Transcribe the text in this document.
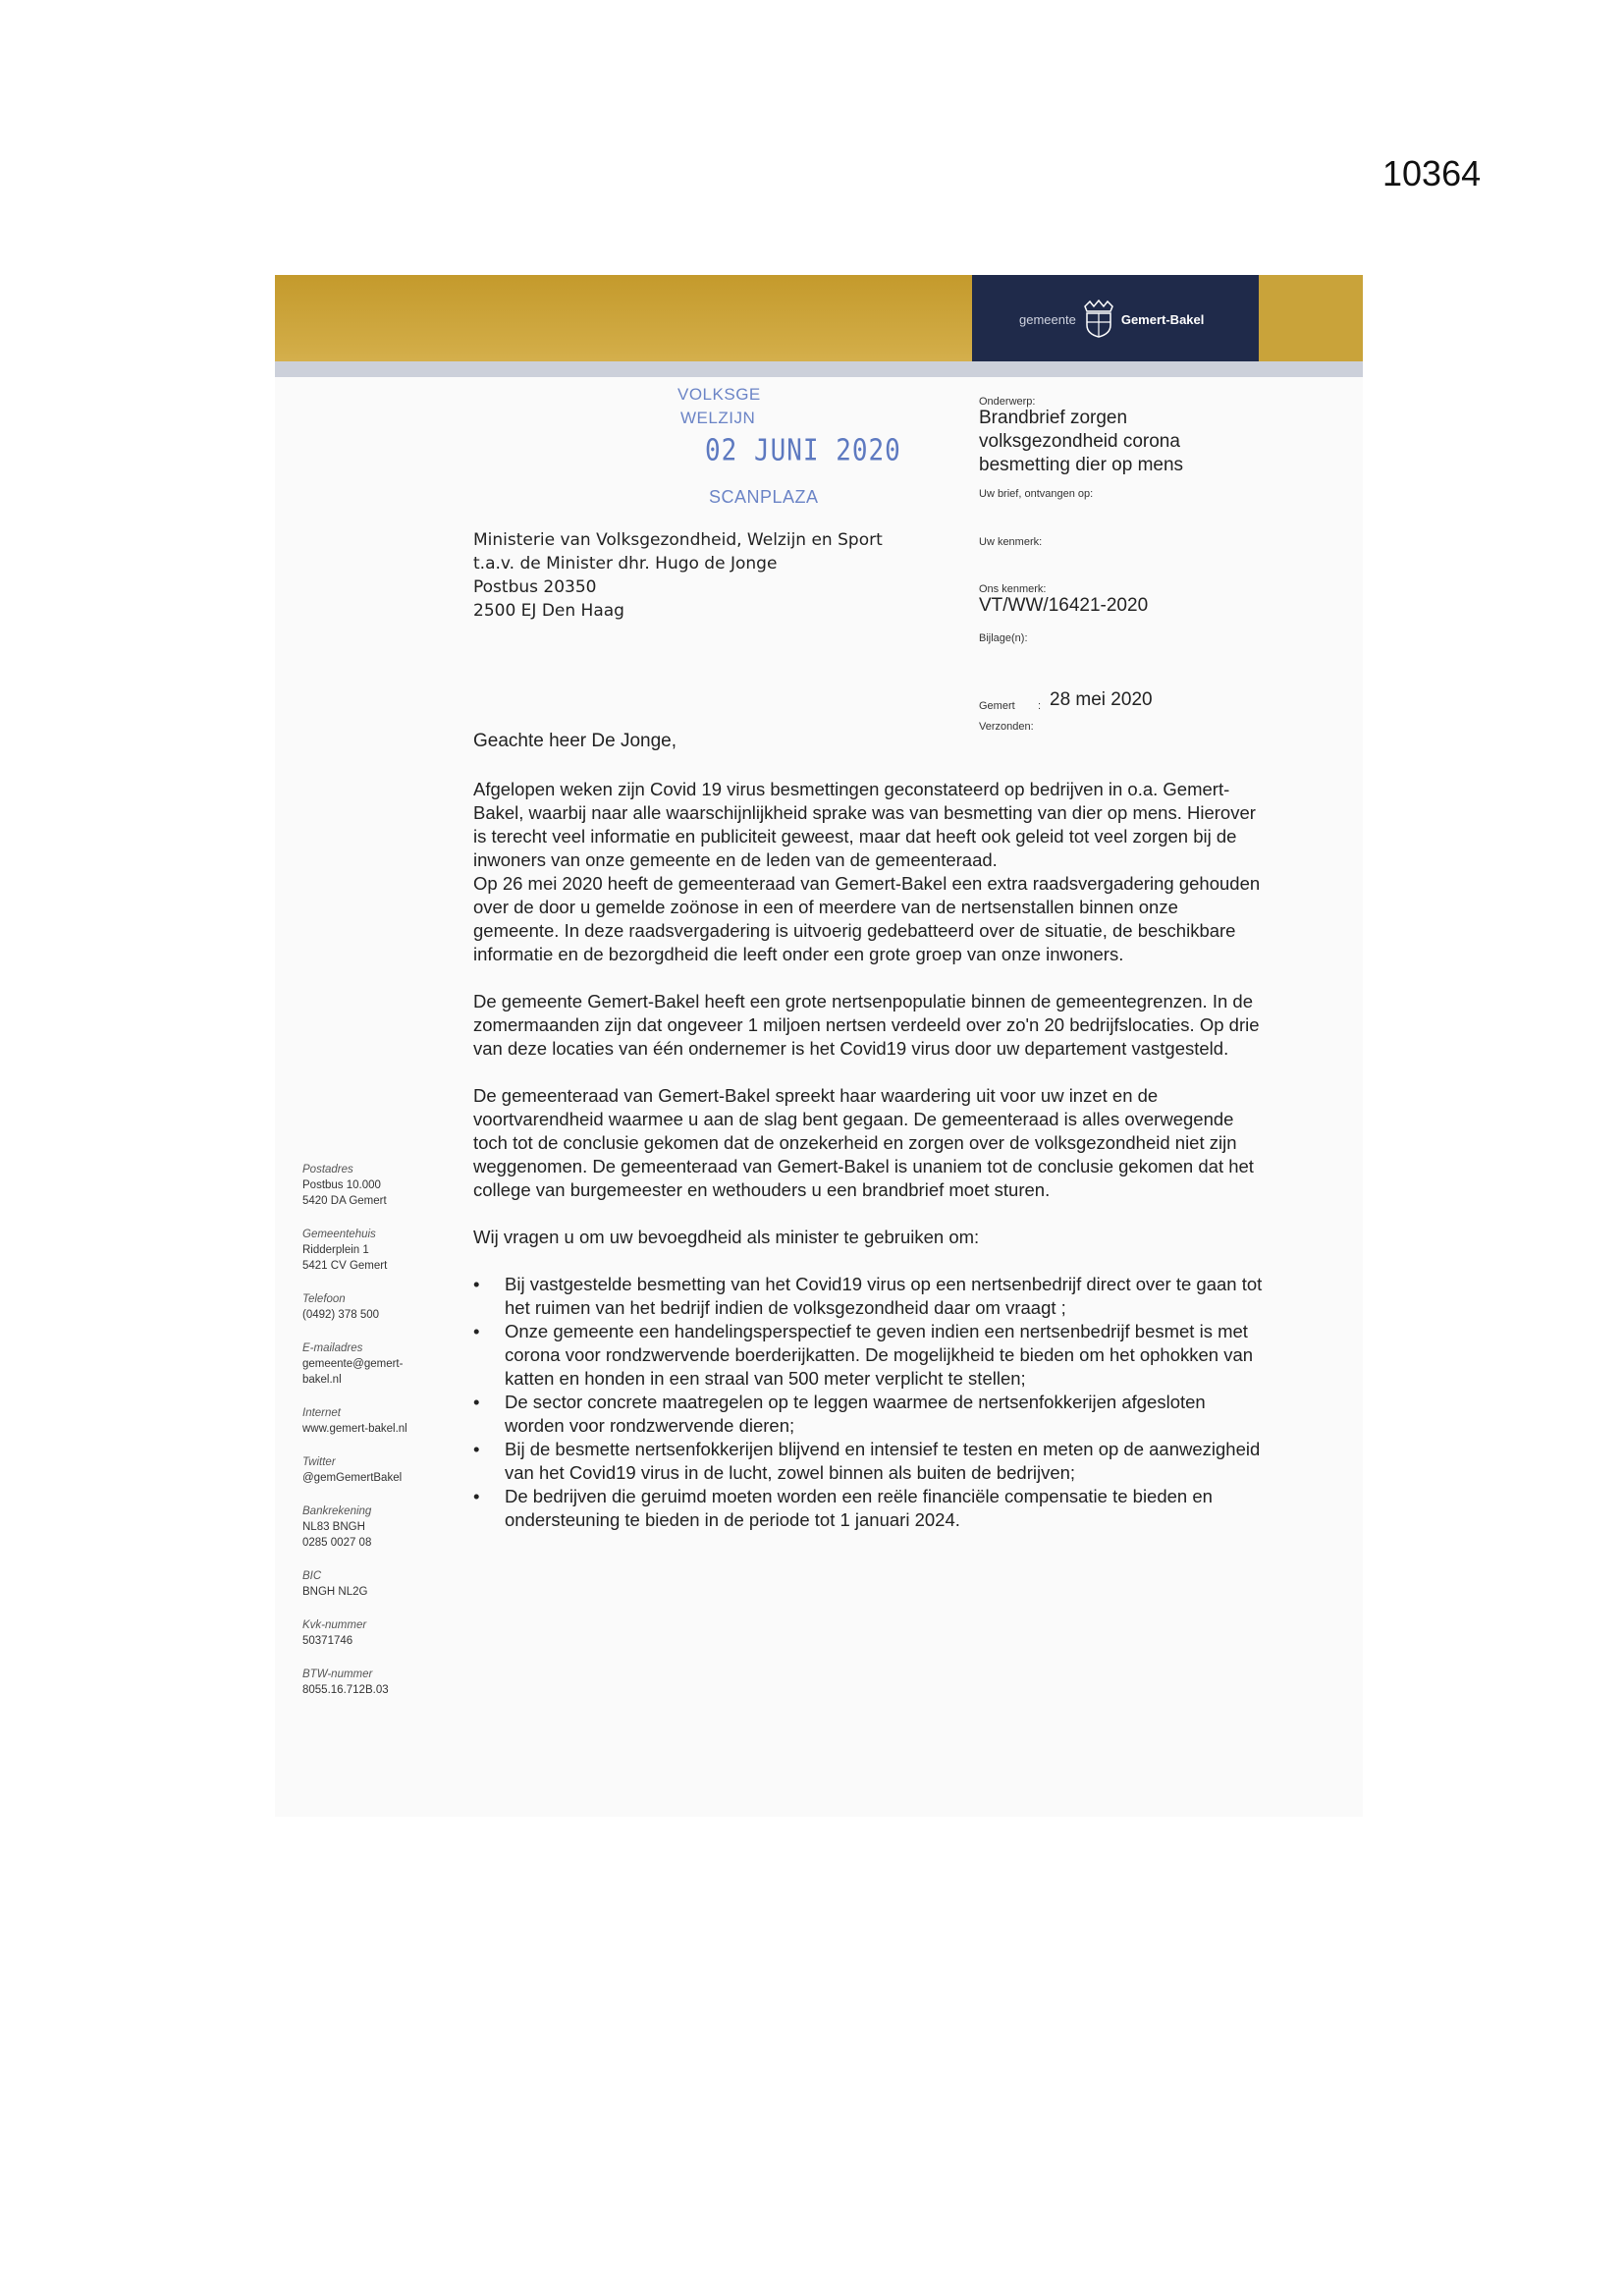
10364
gemeente	Gemert-Bakel
VOLKSGE
WELZIJN
02 JUNI 2020
SCANPLAZA
Onderwerp:
Brandbrief zorgen
volksgezondheid corona
besmetting dier op mens
Uw brief, ontvangen op:
Uw kenmerk:
Ons kenmerk:
VT/WW/16421-2020
Bijlage(n):
Gemert : 28 mei 2020
Verzonden:
Ministerie van Volksgezondheid, Welzijn en Sport
t.a.v. de Minister dhr. Hugo de Jonge
Postbus 20350
2500 EJ Den Haag
Geachte heer De Jonge,

Afgelopen weken zijn Covid 19 virus besmettingen geconstateerd op bedrijven in o.a. Gemert-Bakel, waarbij naar alle waarschijnlijkheid sprake was van besmetting van dier op mens. Hierover is terecht veel informatie en publiciteit geweest, maar dat heeft ook geleid tot veel zorgen bij de inwoners van onze gemeente en de leden van de gemeenteraad.

Op 26 mei 2020 heeft de gemeenteraad van Gemert-Bakel een extra raadsvergadering gehouden over de door u gemelde zoönose in een of meerdere van de nertsenstallen binnen onze gemeente. In deze raadsvergadering is uitvoerig gedebatteerd over de situatie, de beschikbare informatie en de bezorgdheid die leeft onder een grote groep van onze inwoners.

De gemeente Gemert-Bakel heeft een grote nertsenpopulatie binnen de gemeentegrenzen. In de zomermaanden zijn dat ongeveer 1 miljoen nertsen verdeeld over zo'n 20 bedrijfslocaties. Op drie van deze locaties van één ondernemer is het Covid19 virus door uw departement vastgesteld.

De gemeenteraad van Gemert-Bakel spreekt haar waardering uit voor uw inzet en de voortvarendheid waarmee u aan de slag bent gegaan. De gemeenteraad is alles overwegende toch tot de conclusie gekomen dat de onzekerheid en zorgen over de volksgezondheid niet zijn weggenomen. De gemeenteraad van Gemert-Bakel is unaniem tot de conclusie gekomen dat het college van burgemeester en wethouders u een brandbrief moet sturen.

Wij vragen u om uw bevoegdheid als minister te gebruiken om:

• Bij vastgestelde besmetting van het Covid19 virus op een nertsenbedrijf direct over te gaan tot het ruimen van het bedrijf indien de volksgezondheid daar om vraagt ;
• Onze gemeente een handelingsperspectief te geven indien een nertsenbedrijf besmet is met corona voor rondzwervende boerderijkatten. De mogelijkheid te bieden om het ophokken van katten en honden in een straal van 500 meter verplicht te stellen;
• De sector concrete maatregelen op te leggen waarmee de nertsenfokkerijen afgesloten worden voor rondzwervende dieren;
• Bij de besmette nertsenfokkerijen blijvend en intensief te testen en meten op de aanwezigheid van het Covid19 virus in de lucht, zowel binnen als buiten de bedrijven;
• De bedrijven die geruimd moeten worden een reële financiële compensatie te bieden en ondersteuning te bieden in de periode tot 1 januari 2024.
Postadres
Postbus 10.000
5420 DA Gemert
Gemeentehuis
Ridderplein 1
5421 CV Gemert
Telefoon
(0492) 378 500
E-mailadres
gemeente@gemert-
bakel.nl
Internet
www.gemert-bakel.nl
Twitter
@gemGemertBakel
Bankrekening
NL83 BNGH
0285 0027 08
BIC
BNGH NL2G
Kvk-nummer
50371746
BTW-nummer
8055.16.712B.03
